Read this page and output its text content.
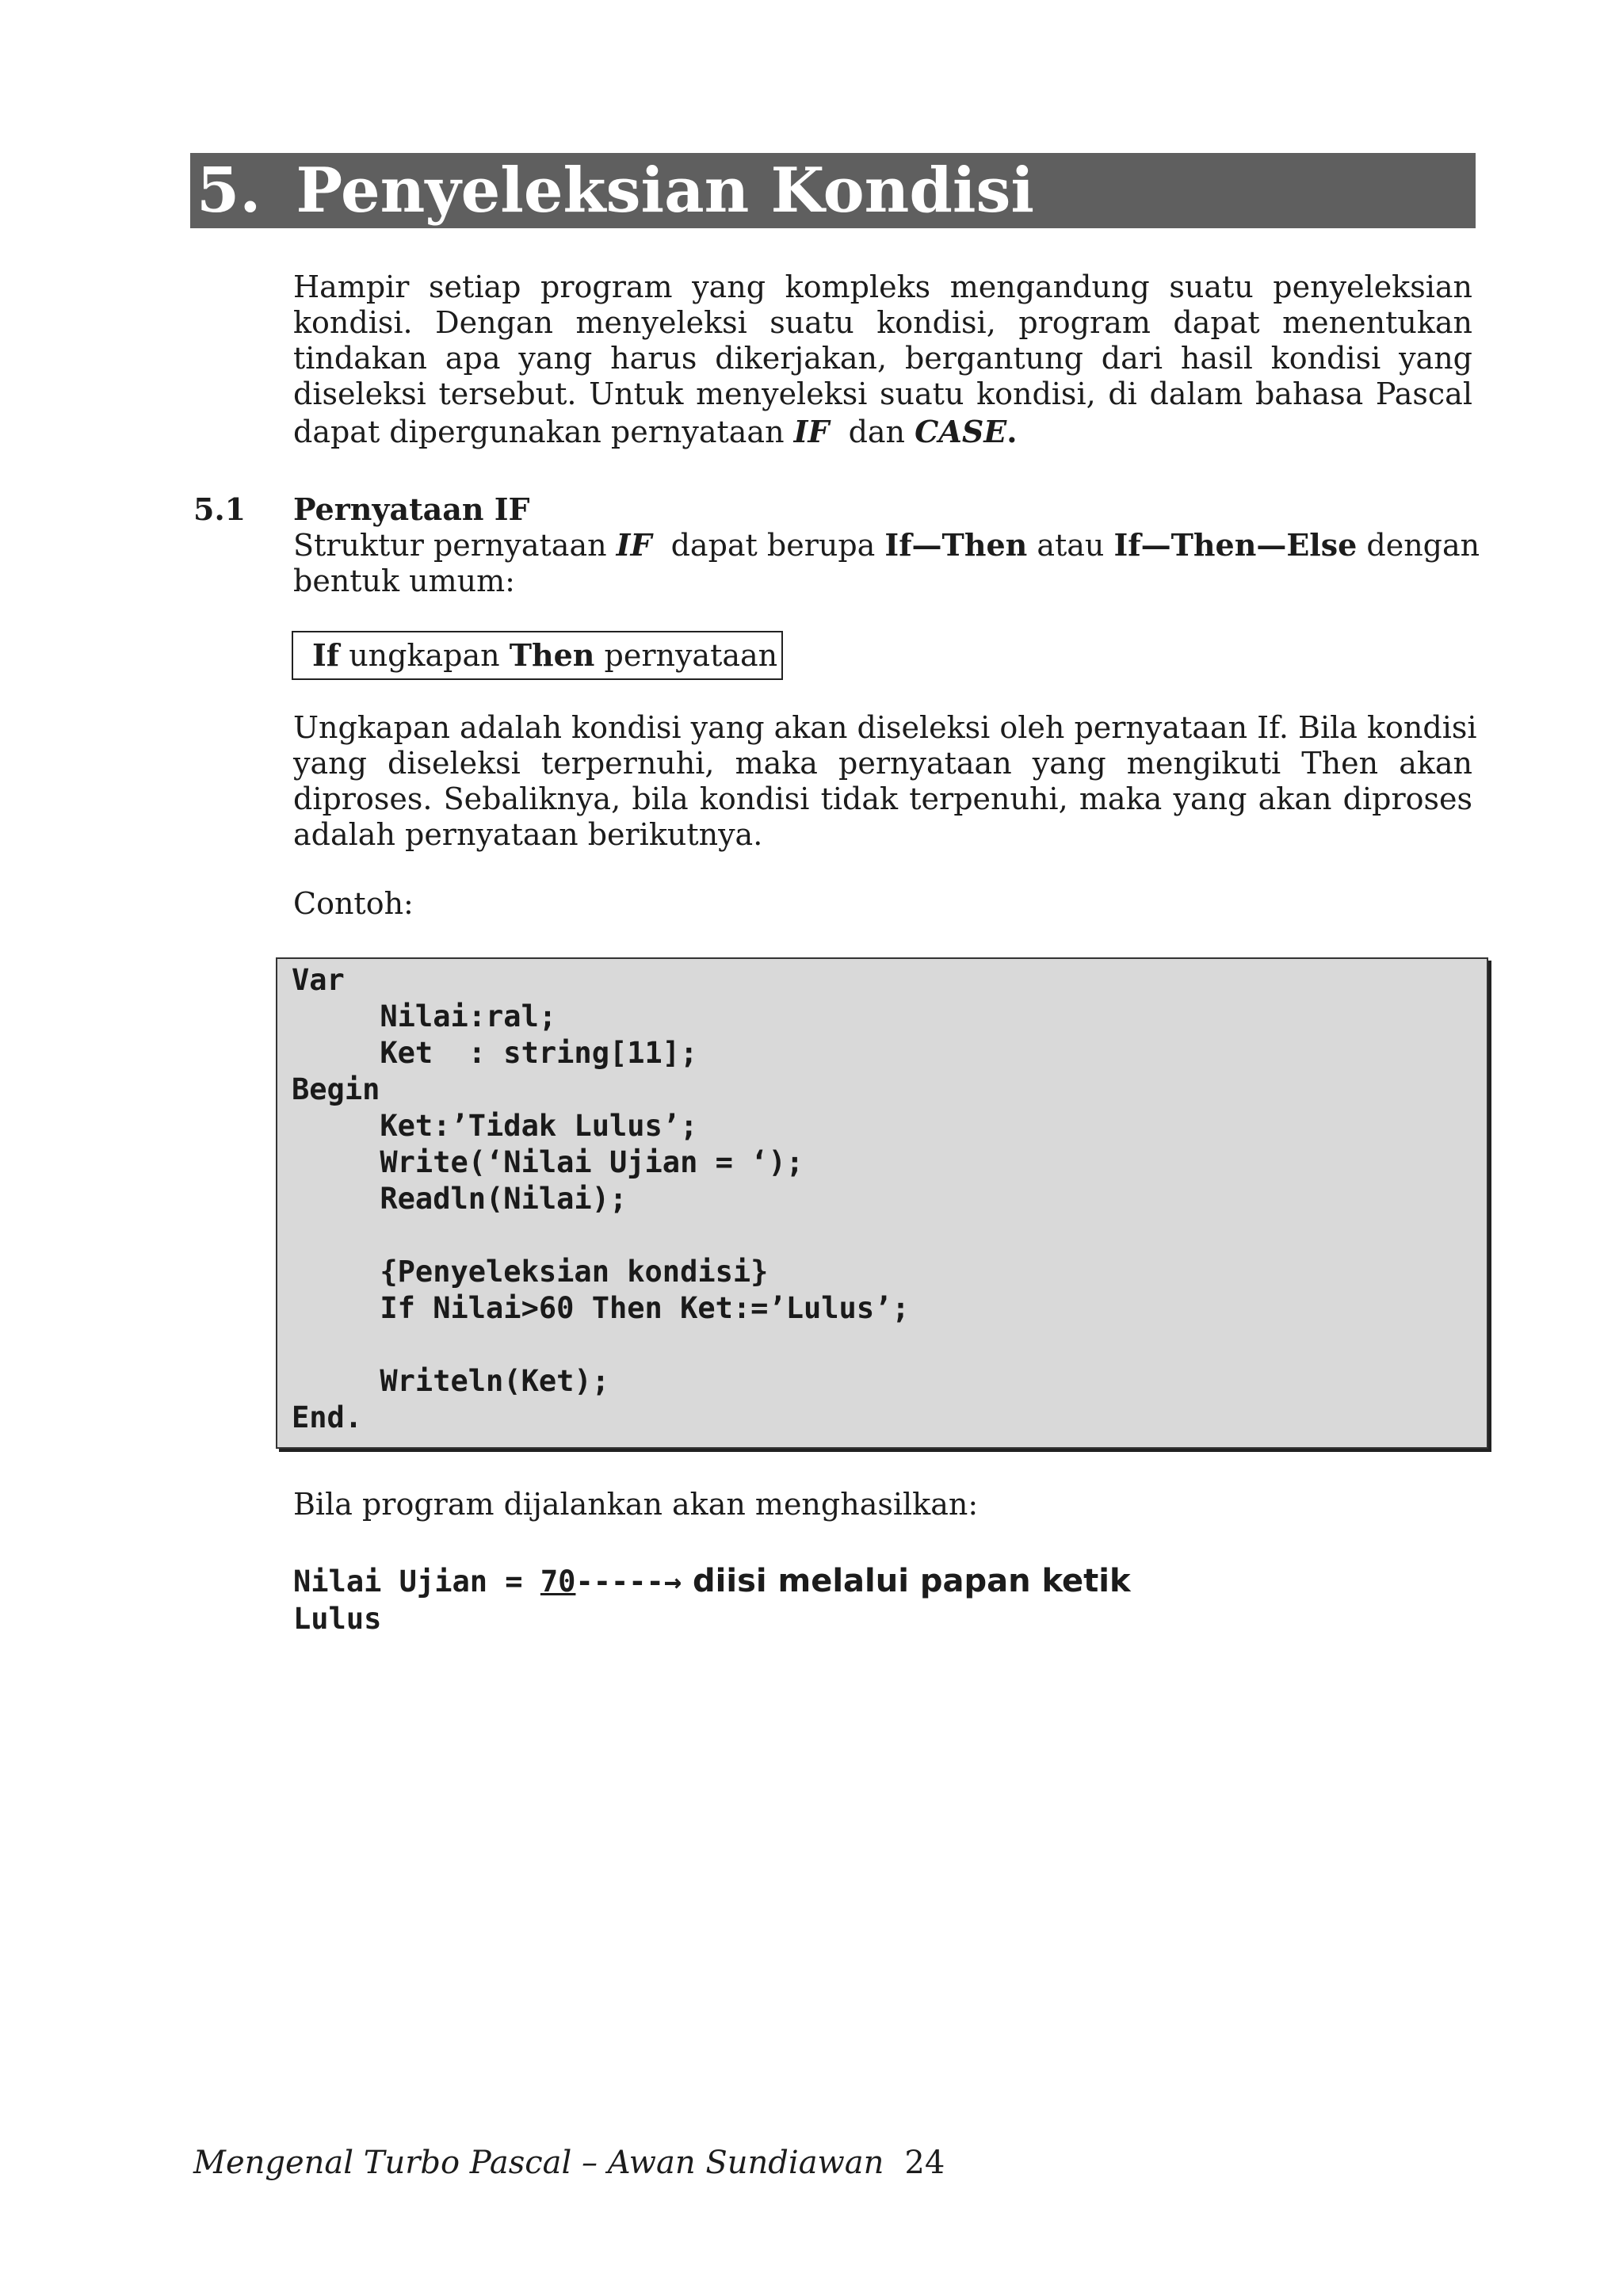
5. Penyeleksian Kondisi
Hampir setiap program yang kompleks mengandung suatu penyeleksian
kondisi. Dengan menyeleksi suatu kondisi, program dapat menentukan
tindakan apa yang harus dikerjakan, bergantung dari hasil kondisi yang
diseleksi tersebut. Untuk menyeleksi suatu kondisi, di dalam bahasa Pascal
dapat dipergunakan pernyataan IF  dan CASE.
5.1 Pernyataan IF
Struktur pernyataan IF  dapat berupa If—Then atau If—Then—Else dengan
bentuk umum:
If ungkapan Then pernyataan
Ungkapan adalah kondisi yang akan diseleksi oleh pernyataan If. Bila kondisi
yang diseleksi terpernuhi, maka pernyataan yang mengikuti Then akan
diproses. Sebaliknya, bila kondisi tidak terpenuhi, maka yang akan diproses
adalah pernyataan berikutnya.
Contoh:
Var
Nilai:ral;
Ket  : string[11];
Begin
Ket:’Tidak Lulus’;
Write(‘Nilai Ujian = ‘);
Readln(Nilai);
{Penyeleksian kondisi}
If Nilai>60 Then Ket:=’Lulus’;
Writeln(Ket);
End.
Bila program dijalankan akan menghasilkan:
Nilai Ujian = 70-----→ diisi melalui papan ketik
Lulus
Mengenal Turbo Pascal – Awan Sundiawan 24
